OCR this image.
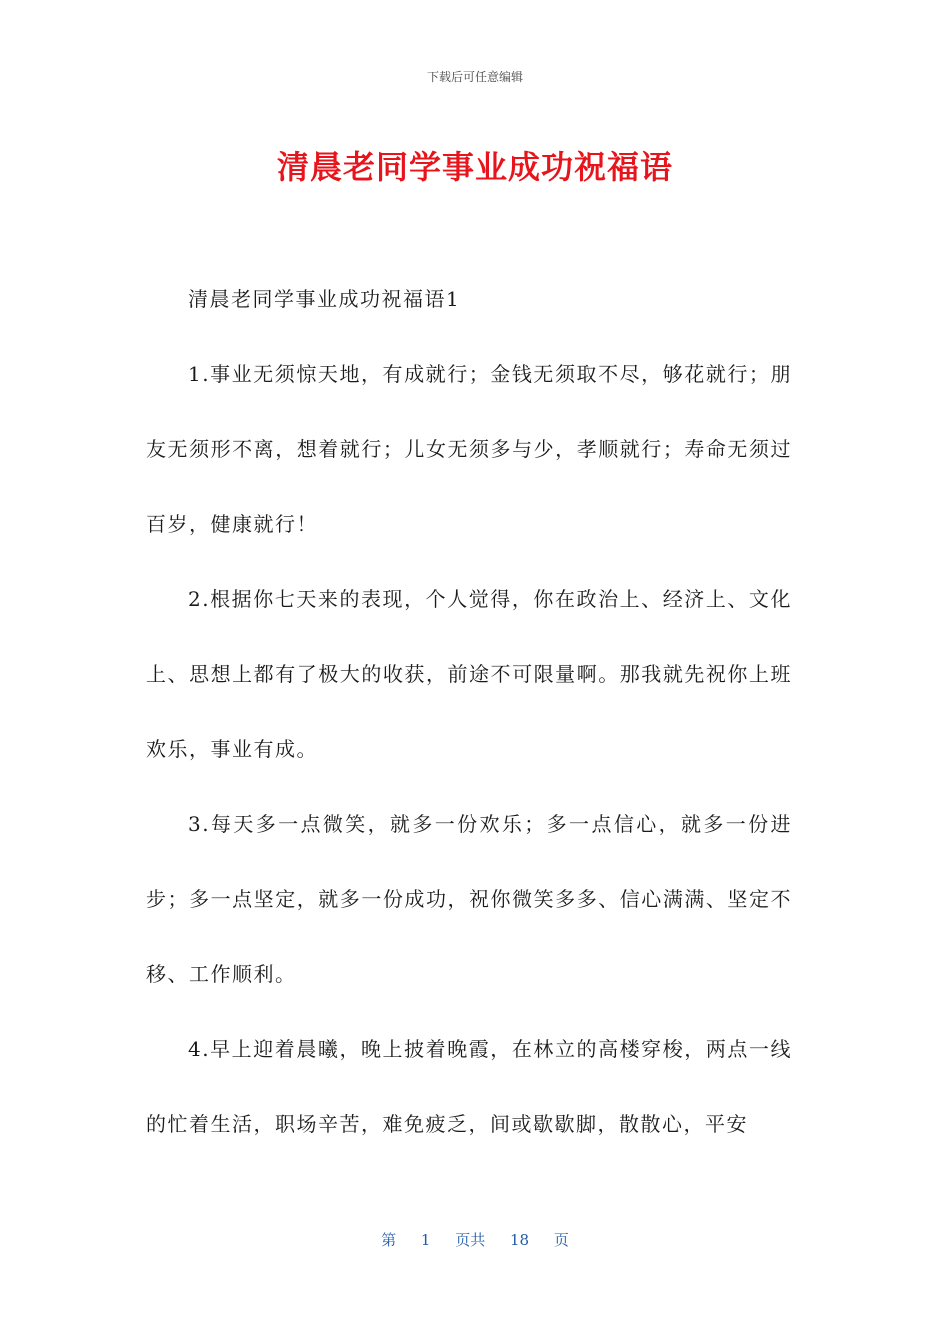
下载后可任意编辑
清晨老同学事业成功祝福语

清晨老同学事业成功祝福语1

1.事业无须惊天地，有成就行；金钱无须取不尽，够花就行；朋友无须形不离，想着就行；儿女无须多与少，孝顺就行；寿命无须过百岁，健康就行！

2.根据你七天来的表现，个人觉得，你在政治上、经济上、文化上、思想上都有了极大的收获，前途不可限量啊。那我就先祝你上班欢乐，事业有成。

3.每天多一点微笑，就多一份欢乐；多一点信心，就多一份进步；多一点坚定，就多一份成功，祝你微笑多多、信心满满、坚定不移、工作顺利。

4.早上迎着晨曦，晚上披着晚霞，在林立的高楼穿梭，两点一线的忙着生活，职场辛苦，难免疲乏，间或歇歇脚，散散心，平安

第 1 页共 18 页
